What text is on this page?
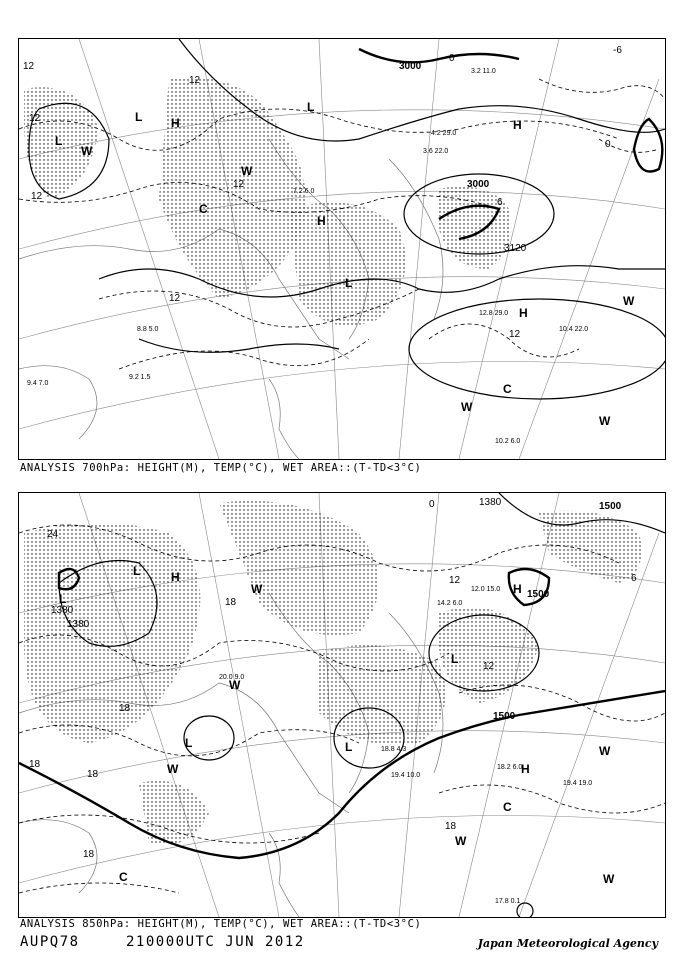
3000
3120
3000
12
12
12
12
12
12
12
0
-6
0
6
L
L H	H
H
H
L
L
C
C
W
W
W
W
W
12.8 29.0
10.4 22.0
10.2 6.0
9.2 1.5
8.8 5.0
9.4 7.0
3.6 22.0
4.2 29.0
3.2 11.0
7.2 6.0
ANALYSIS 700hPa: HEIGHT(M), TEMP(°C), WET AREA::(T-TD<3°C)
1380
1380
1500
1500
1500
1380
24
18
18
18
18
18
12
12	6
0
18
L	H
L
L	L
L
H
H
W
W
W
W
W
C
C	W
18.2 6.0
19.4 19.0
17.8 0.1
20.0 9.0
19.4 10.0
18.8 4.3
14.2 6.0
12.0 15.0
ANALYSIS 850hPa: HEIGHT(M), TEMP(°C), WET AREA::(T-TD<3°C)
AUPQ78	210000UTC JUN 2012	Japan Meteorological Agency
